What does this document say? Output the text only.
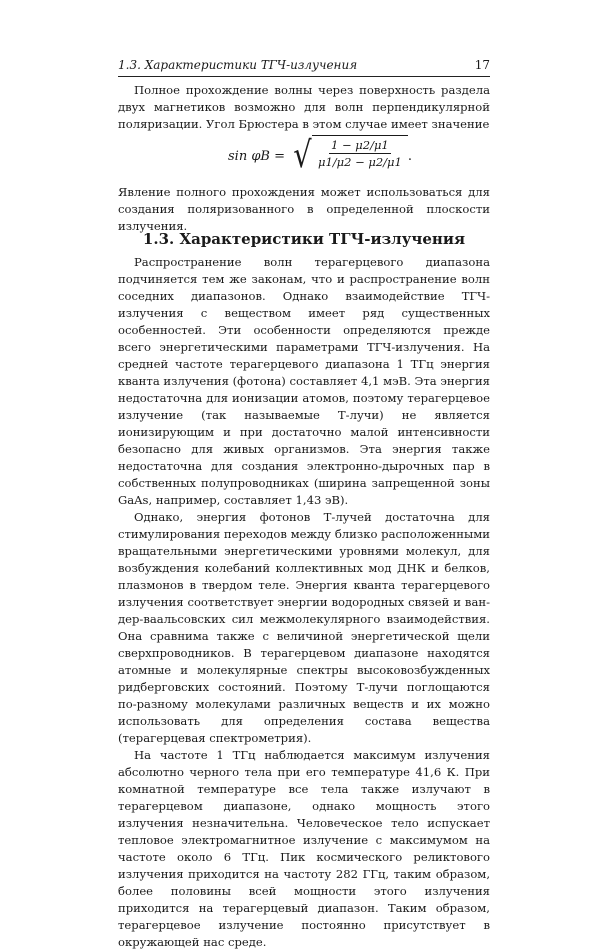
1.3. Характеристики ТГЧ-излучения	17

Полное прохождение волны через поверхность раздела двух магнетиков возможно для волн перпендикулярной поляризации. Угол Брюстера в этом случае имеет значение

sin φB = √ 1 − μ2/μ1
μ1/μ2 − μ2/μ1 .

Явление полного прохождения может использоваться для создания поляризованного в определенной плоскости излучения.

1.3. Характеристики ТГЧ-излучения

Распространение волн терагерцевого диапазона подчиняется тем же законам, что и распространение волн соседних диапазонов. Однако взаимодействие ТГЧ-излучения с веществом имеет ряд существенных особенностей. Эти особенности определяются прежде всего энергетическими параметрами ТГЧ-излучения. На средней частоте терагерцевого диапазона 1 ТГц энергия кванта излучения (фотона) составляет 4,1 мэВ. Эта энергия недостаточна для ионизации атомов, поэтому терагерцевое излучение (так называемые Т-лучи) не является ионизирующим и при достаточно малой интенсивности безопасно для живых организмов. Эта энергия также недостаточна для создания электронно-дырочных пар в собственных полупроводниках (ширина запрещенной зоны GaAs, например, составляет 1,43 эВ).

Однако, энергия фотонов Т-лучей достаточна для стимулирования переходов между близко расположенными вращательными энергетическими уровнями молекул, для возбуждения колебаний коллективных мод ДНК и белков, плазмонов в твердом теле. Энергия кванта терагерцевого излучения соответствует энергии водородных связей и ван-дер-ваальсовских сил межмолекулярного взаимодействия. Она сравнима также с величиной энергетической щели сверхпроводников. В терагерцевом диапазоне находятся атомные и молекулярные спектры высоковозбужденных ридберговских состояний. Поэтому Т-лучи поглощаются по-разному молекулами различных веществ и их можно использовать для определения состава вещества (терагерцевая спектрометрия).

На частоте 1 ТГц наблюдается максимум излучения абсолютно черного тела при его температуре 41,6 К. При комнатной температуре все тела также излучают в терагерцевом диапазоне, однако мощность этого излучения незначительна. Человеческое тело испускает тепловое электромагнитное излучение с максимумом на частоте около 6 ТГц. Пик космического реликтового излучения приходится на частоту 282 ГГц, таким образом, более половины всей мощности этого излучения приходится на терагерцевый диапазон. Таким образом, терагерцевое излучение постоянно присутствует в окружающей нас среде.
